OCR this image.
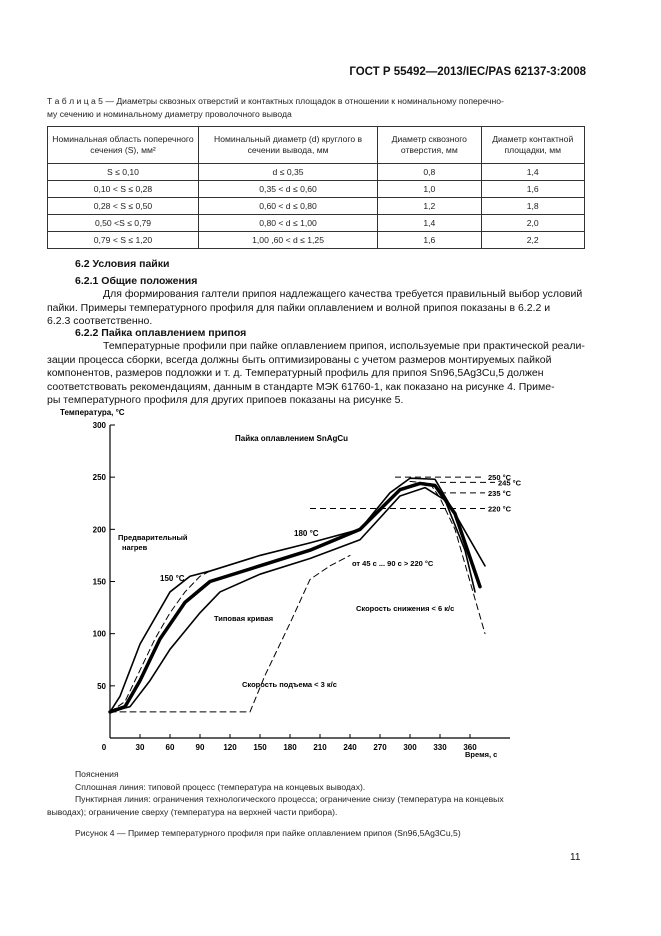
ГОСТ Р 55492—2013/IEC/PAS 62137-3:2008
Т а б л и ц а 5 — Диаметры сквозных отверстий и контактных площадок в отношении к номинальному поперечно-
му сечению и номинальному диаметру проволочного вывода
Номинальная область поперечного сечения (S), мм²	Номинальный диаметр (d) круглого в сечении вывода, мм	Диаметр сквозного отверстия, мм	Диаметр контактной площадки, мм
S ≤ 0,10	d ≤ 0,35	0,8	1,4
0,10 < S ≤ 0,28	0,35 < d ≤ 0,60	1,0	1,6
0,28 < S ≤ 0,50	0,60 < d ≤ 0,80	1,2	1,8
0,50 <S ≤ 0,79	0,80 < d ≤ 1,00	1,4	2,0
0,79 < S ≤ 1,20	1,00 ,60 < d ≤ 1,25	1,6	2,2
6.2 Условия пайки
6.2.1 Общие положения
Для формирования галтели припоя надлежащего качества требуется правильный выбор условий
пайки. Примеры температурного профиля для пайки оплавлением и волной припоя показаны в 6.2.2 и
6.2.3 соответственно.
6.2.2 Пайка оплавлением припоя
Температурные профили при пайке оплавлением припоя, используемые при практической реали-
зации процесса сборки, всегда должны быть оптимизированы с учетом размеров монтируемых пайкой
компонентов, размеров подложки и т. д. Температурный профиль для припоя Sn96,5Ag3Cu,5 должен
соответствовать рекомендациям, данным в стандарте МЭК 61760-1, как показано на рисунке 4. Приме-
ры температурного профиля для других припоев показаны на рисунке 5.
Температура, °С
Пайка оплавлением SnAgCu
Предварительный нагрев
150 °С
180 °С
Типовая кривая
Скорость подъема < 3 к/с
от 45 с ... 90 с > 220 °С
Скорость снижения < 6 к/с
Время, с
50
100
150
200
250
300
0	30	60	90 120 150 180 210 240 270 300 330 360
250 °С
245 °С
235 °С
220 °С
Пояснения
Сплошная линия: типовой процесс (температура на концевых выводах).
Пунктирная линия: ограничения технологического процесса; ограничение снизу (температура на концевых
выводах); ограничение сверху (температура на верхней части прибора).
Рисунок 4 — Пример температурного профиля при пайке оплавлением припоя (Sn96,5Ag3Cu,5)
11
